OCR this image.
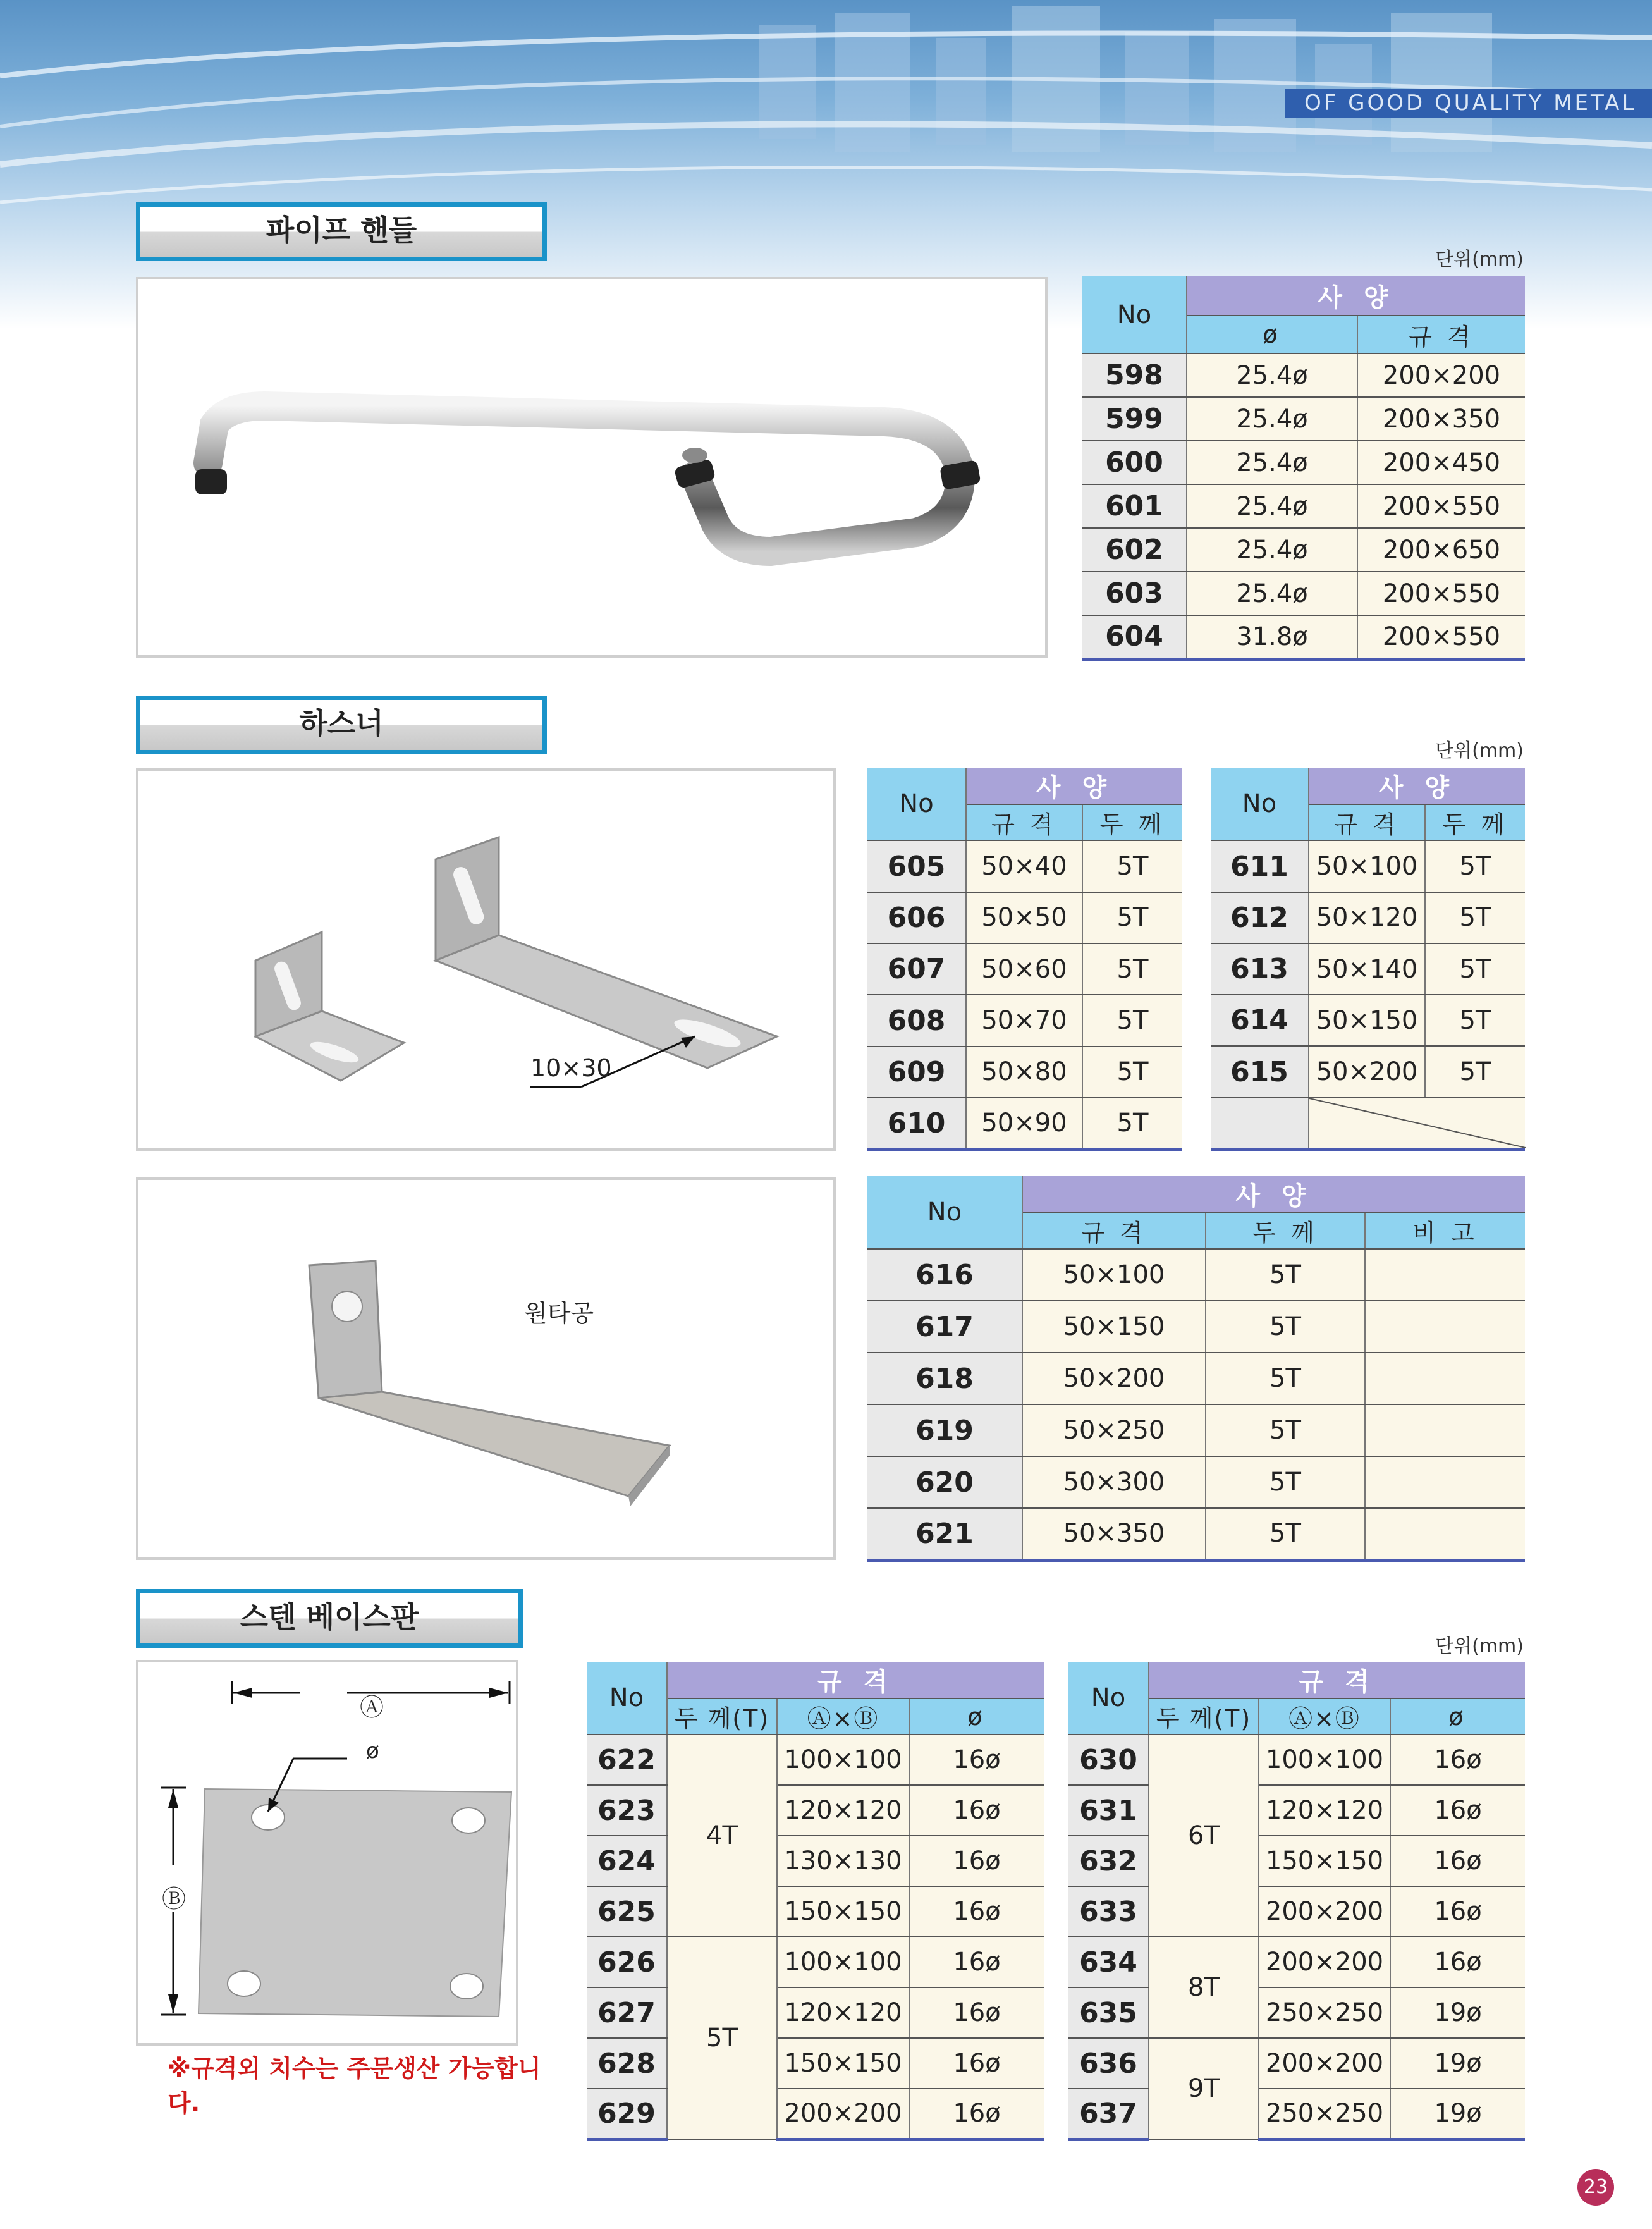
OF GOOD QUALITY METAL
파이프 핸들
단위(mm)
No	사 양	
	ø	규 격
598	25.4ø	200×200
599	25.4ø	200×350
600	25.4ø	200×450
601	25.4ø	200×550
602	25.4ø	200×650
603	25.4ø	200×550
604	31.8ø	200×550
하스너
단위(mm)
10×30
No	사 양	
	규 격	두 께
605	50×40	5T
606	50×50	5T
607	50×60	5T
608	50×70	5T
609	50×80	5T
610	50×90	5T
No	사 양	
	규 격	두 께
611	50×100	5T
612	50×120	5T
613	50×140	5T
614	50×150	5T
615	50×200	5T

원타공
No	사 양		
	규 격	두 께	비 고
616	50×100	5T	
617	50×150	5T	
618	50×200	5T	
619	50×250	5T	
620	50×300	5T	
621	50×350	5T	
스텐 베이스판
단위(mm)
Ⓐ
ø
Ⓑ
※규격외 치수는 주문생산 가능합니다.
No	규 격		
	두 께(T)	Ⓐ×Ⓑ	ø
622	4T	100×100	16ø
623		120×120	16ø
624		130×130	16ø
625		150×150	16ø
626	5T	100×100	16ø
627		120×120	16ø
628		150×150	16ø
629		200×200	16ø
No	규 격		
	두 께(T)	Ⓐ×Ⓑ	ø
630	6T	100×100	16ø
631		120×120	16ø
632		150×150	16ø
633		200×200	16ø
634	8T	200×200	16ø
635		250×250	19ø
636	9T	200×200	19ø
637		250×250	19ø
23
